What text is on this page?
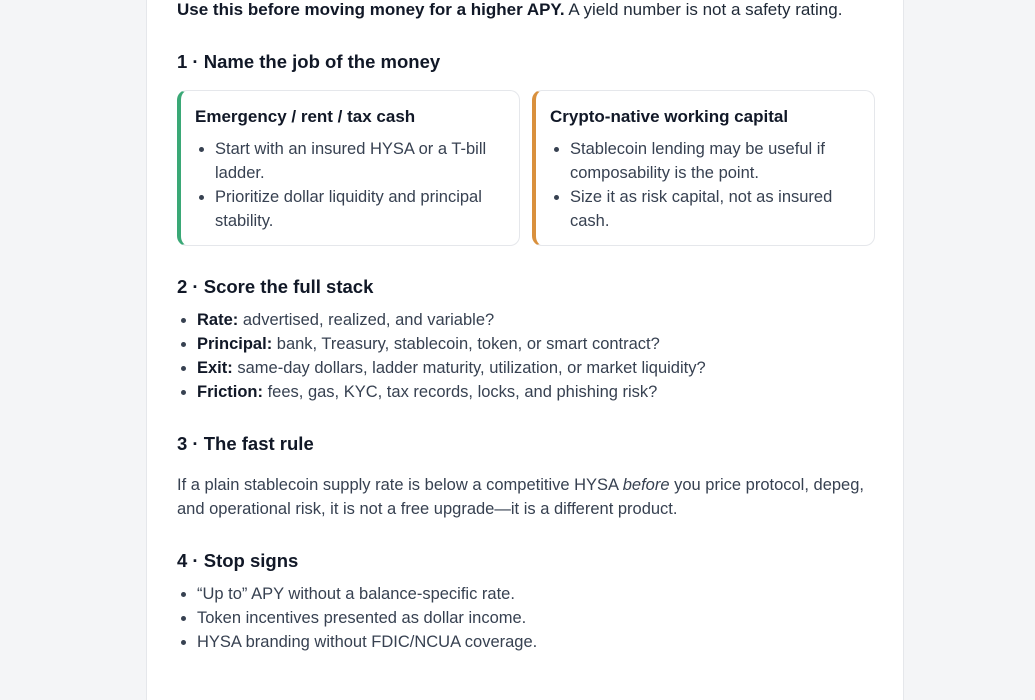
Use this before moving money for a higher APY. A yield number is not a safety rating.
1 · Name the job of the money
Emergency / rent / tax cash
• Start with an insured HYSA or a T-bill ladder.
• Prioritize dollar liquidity and principal stability.
Crypto-native working capital
• Stablecoin lending may be useful if composability is the point.
• Size it as risk capital, not as insured cash.
2 · Score the full stack
• Rate: advertised, realized, and variable?
• Principal: bank, Treasury, stablecoin, token, or smart contract?
• Exit: same-day dollars, ladder maturity, utilization, or market liquidity?
• Friction: fees, gas, KYC, tax records, locks, and phishing risk?
3 · The fast rule

If a plain stablecoin supply rate is below a competitive HYSA before you price protocol, depeg, and operational risk, it is not a free upgrade—it is a different product.

4 · Stop signs
• “Up to” APY without a balance-specific rate.
• Token incentives presented as dollar income.
• HYSA branding without FDIC/NCUA coverage.
